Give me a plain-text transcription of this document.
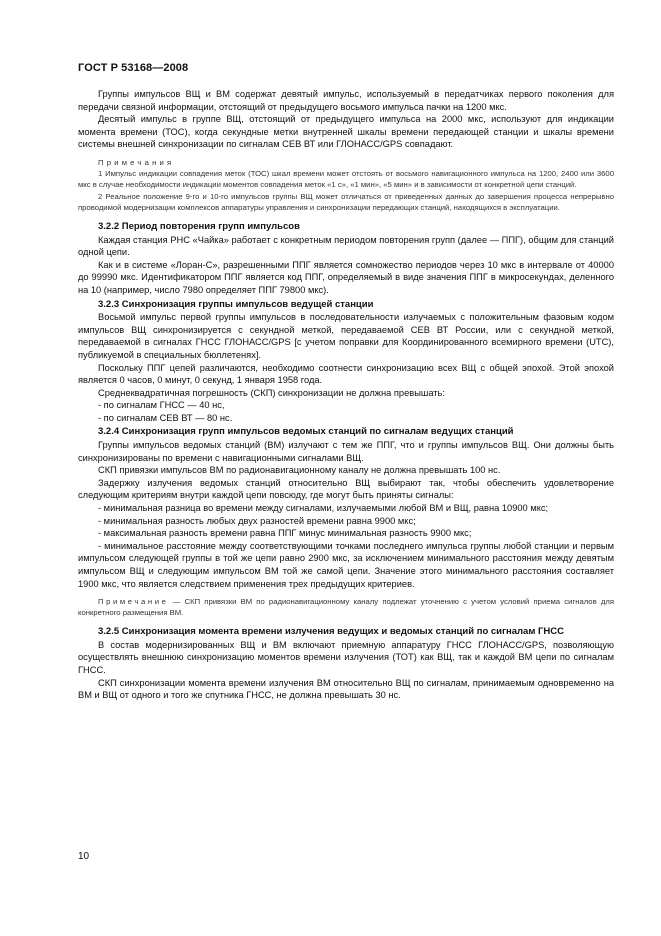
ГОСТ Р 53168—2008

Группы импульсов ВЩ и ВМ содержат девятый импульс, используемый в передатчиках первого поколения для передачи связной информации, отстоящий от предыдущего восьмого импульса пачки на 1200 мкс.

Десятый импульс в группе ВЩ, отстоящий от предыдущего импульса на 2000 мкс, используют для индикации момента времени (ТОС), когда секундные метки внутренней шкалы времени передающей станции и шкалы времени системы внешней синхронизации по сигналам СЕВ ВТ или ГЛОНАСС/GPS совпадают.

Примечания
1 Импульс индикации совпадения меток (ТОС) шкал времени может отстоять от восьмого навигационного импульса на 1200, 2400 или 3600 мкс в случае необходимости индикации моментов совпадения меток «1 с», «1 мин», «5 мин» и в зависимости от конкретной цепи станций.
2 Реальное положение 9-го и 10-го импульсов группы ВЩ может отличаться от приведенных данных до завершения процесса непрерывно проводимой модернизации комплексов аппаратуры управления и синхронизации передающих станций, находящихся в эксплуатации.
3.2.2 Период повторения групп импульсов

Каждая станция РНС «Чайка» работает с конкретным периодом повторения групп (далее — ППГ), общим для станций одной цепи.

Как и в системе «Лоран-С», разрешенными ППГ является сомножество периодов через 10 мкс в интервале от 40000 до 99990 мкс. Идентификатором ППГ является код ППГ, определяемый в виде значения ППГ в микросекундах, деленного на 10 (например, число 7980 определяет ППГ 79800 мкс).

3.2.3 Синхронизация группы импульсов ведущей станции

Восьмой импульс первой группы импульсов в последовательности излучаемых с положительным фазовым кодом импульсов ВЩ синхронизируется с секундной меткой, передаваемой СЕВ ВТ России, или с секундной меткой, передаваемой в сигналах ГНСС ГЛОНАСС/GPS [с учетом поправки для Координированного всемирного времени (UTC), публикуемой в специальных бюллетенях].

Поскольку ППГ цепей различаются, необходимо соотнести синхронизацию всех ВЩ с общей эпохой. Этой эпохой является 0 часов, 0 минут, 0 секунд, 1 января 1958 года.

Среднеквадратичная погрешность (СКП) синхронизации не должна превышать:

- по сигналам ГНСС — 40 нс,

- по сигналам СЕВ ВТ — 80 нс.

3.2.4 Синхронизация групп импульсов ведомых станций по сигналам ведущих станций

Группы импульсов ведомых станций (ВМ) излучают с тем же ППГ, что и группы импульсов ВЩ. Они должны быть синхронизированы по времени с навигационными сигналами ВЩ.

СКП привязки импульсов ВМ по радионавигационному каналу не должна превышать 100 нс.

Задержку излучения ведомых станций относительно ВЩ выбирают так, чтобы обеспечить удовлетворение следующим критериям внутри каждой цепи повсюду, где могут быть приняты сигналы:

- минимальная разница во времени между сигналами, излучаемыми любой ВМ и ВЩ, равна 10900 мкс;

- минимальная разность любых двух разностей времени равна 9900 мкс;

- максимальная разность времени равна ППГ минус минимальная разность 9900 мкс;

- минимальное расстояние между соответствующими точками последнего импульса группы любой станции и первым импульсом следующей группы в той же цепи равно 2900 мкс, за исключением минимального расстояния между девятым импульсом ВЩ и следующим импульсом ВМ той же самой цепи. Значение этого минимального расстояния составляет 1900 мкс, что является следствием применения трех предыдущих критериев.

Примечание — СКП привязки ВМ по радионавигационному каналу подлежат уточнению с учетом условий приема сигналов для конкретного размещения ВМ.
3.2.5 Синхронизация момента времени излучения ведущих и ведомых станций по сигналам ГНСС

В состав модернизированных ВЩ и ВМ включают приемную аппаратуру ГНСС ГЛОНАСС/GPS, позволяющую осуществлять внешнюю синхронизацию моментов времени излучения (ТОТ) как ВЩ, так и каждой ВМ цепи по сигналам ГНСС.

СКП синхронизации момента времени излучения ВМ относительно ВЩ по сигналам, принимаемым одновременно на ВМ и ВЩ от одного и того же спутника ГНСС, не должна превышать 30 нс.

10
